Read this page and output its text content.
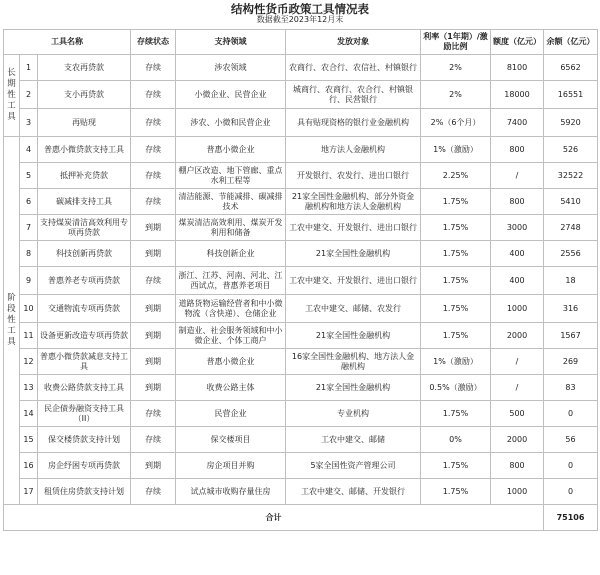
结构性货币政策工具情况表
数据截至2023年12月末
工具名称			存续状态	支持领域	发放对象	利率（1年期）/激励比例	额度（亿元）	余额（亿元）

长期性工具	1	支农再贷款	存续	涉农领域	农商行、农合行、农信社、村镇银行	2%	8100	6562
	2	支小再贷款	存续	小微企业、民营企业	城商行、农商行、农合行、村镇银行、民营银行	2%	18000	16551
	3	再贴现	存续	涉农、小微和民营企业	具有贴现资格的银行业金融机构	2%（6个月）	7400	5920

阶段性工具	4	普惠小微贷款支持工具	存续	普惠小微企业	地方法人金融机构	1%（激励）	800	526
	5	抵押补充贷款	存续	棚户区改造、地下管廊、重点水利工程等	开发银行、农发行、进出口银行	2.25%	/	32522
	6	碳减排支持工具	存续	清洁能源、节能减排、碳减排技术	21家全国性金融机构、部分外资金融机构和地方法人金融机构	1.75%	800	5410
	7	支持煤炭清洁高效利用专项再贷款	到期	煤炭清洁高效利用、煤炭开发利用和储备	工农中建交、开发银行、进出口银行	1.75%	3000	2748
	8	科技创新再贷款	到期	科技创新企业	21家全国性金融机构	1.75%	400	2556
	9	普惠养老专项再贷款	存续	浙江、江苏、河南、河北、江西试点，普惠养老项目	工农中建交、开发银行、进出口银行	1.75%	400	18
	10	交通物流专项再贷款	到期	道路货物运输经营者和中小微物流（含快递）、仓储企业	工农中建交、邮储、农发行	1.75%	1000	316
	11	设备更新改造专项再贷款	到期	制造业、社会服务领域和中小微企业、个体工商户	21家全国性金融机构	1.75%	2000	1567
	12	普惠小微贷款减息支持工具	到期	普惠小微企业	16家全国性金融机构、地方法人金融机构	1%（激励）	/	269
	13	收费公路贷款支持工具	到期	收费公路主体	21家全国性金融机构	0.5%（激励）	/	83
	14	民企债券融资支持工具（II）	存续	民营企业	专业机构	1.75%	500	0
	15	保交楼贷款支持计划	存续	保交楼项目	工农中建交、邮储	0%	2000	56
	16	房企纾困专项再贷款	到期	房企项目并购	5家全国性资产管理公司	1.75%	800	0
	17	租赁住房贷款支持计划	存续	试点城市收购存量住房	工农中建交、邮储、开发银行	1.75%	1000	0
合计								75106
